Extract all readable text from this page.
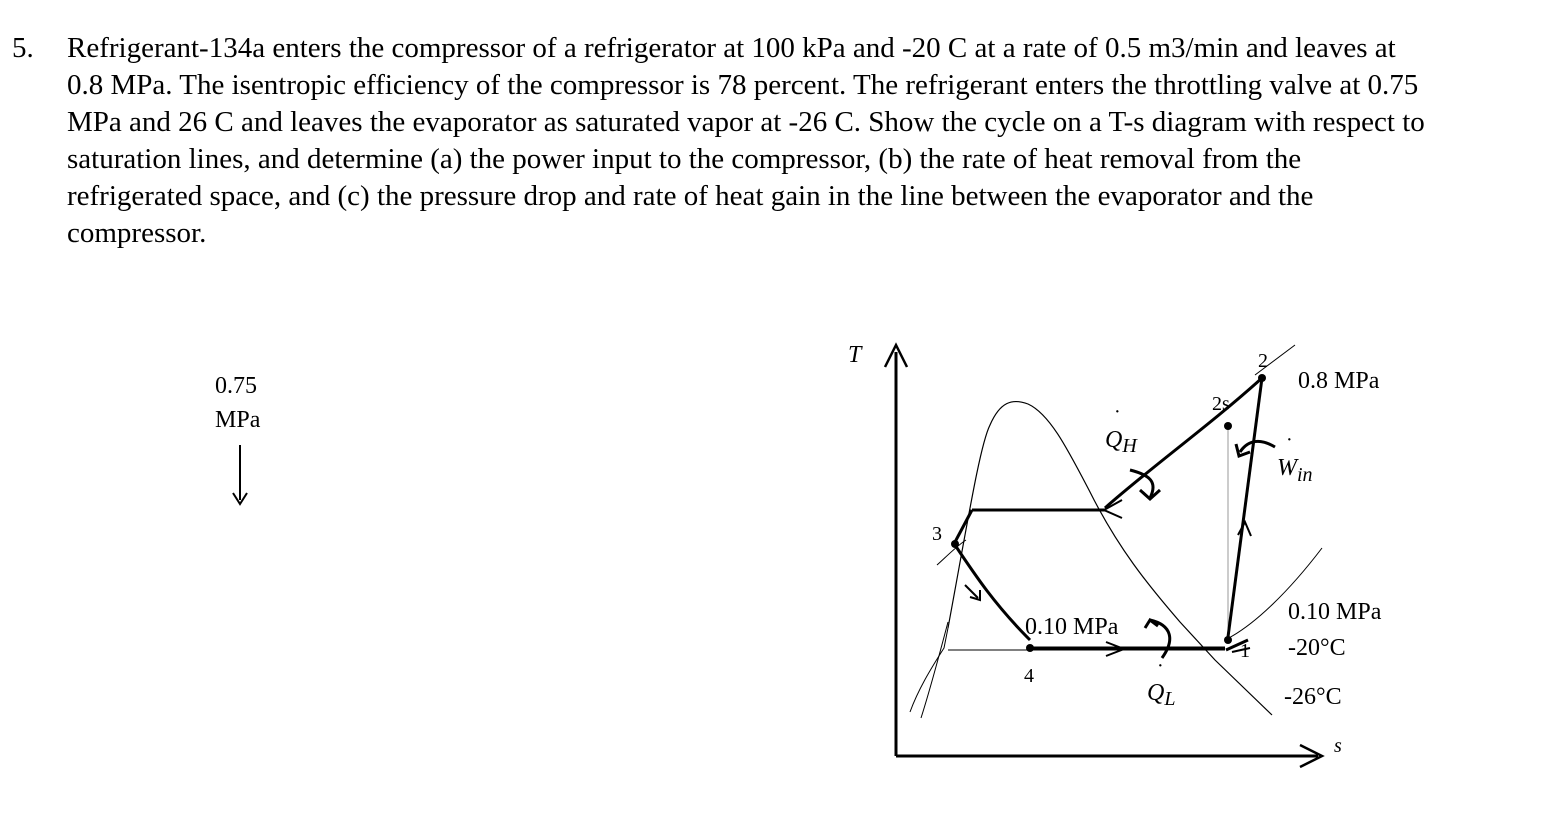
5. Refrigerant-134a enters the compressor of a refrigerator at 100 kPa and -20 C at a rate of 0.5 m3/min and leaves at 0.8 MPa. The isentropic efficiency of the compressor is 78 percent. The refrigerant enters the throttling valve at 0.75 MPa and 26 C and leaves the evaporator as saturated vapor at -26 C. Show the cycle on a T-s diagram with respect to saturation lines, and determine (a) the power input to the compressor, (b) the rate of heat removal from the refrigerated space, and (c) the pressure drop and rate of heat gain in the line between the evaporator and the compressor.
T
s
0.75
MPa
0.8 MPa
0.10 MPa
0.10 MPa
-20°C
-26°C
1
2
2s
3
4
$Q_H$
·
$Q_L$
·
$W_{in}$
·
